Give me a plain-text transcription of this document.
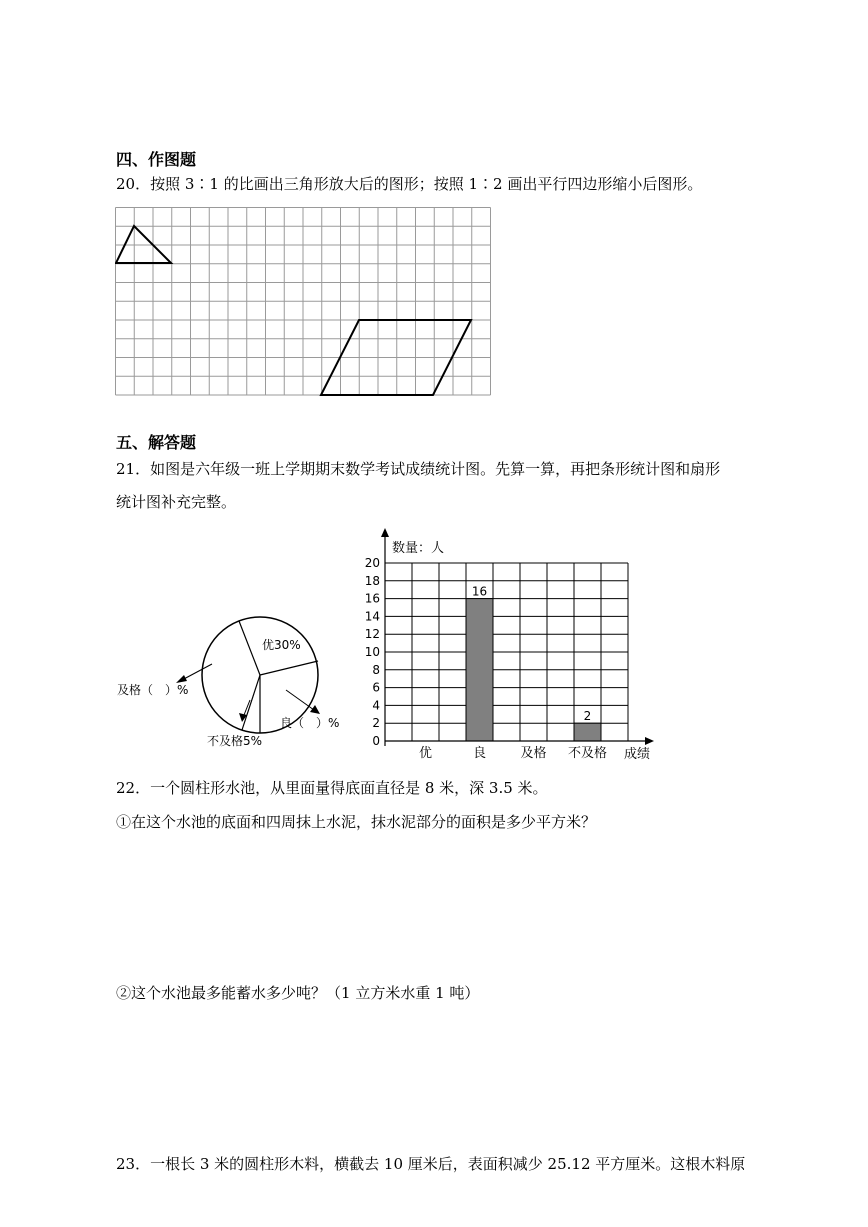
四、作图题
20．按照 3∶1 的比画出三角形放大后的图形；按照 1∶2 画出平行四边形缩小后图形。
五、解答题
21．如图是六年级一班上学期期末数学考试成绩统计图。先算一算，再把条形统计图和扇形
统计图补充完整。
优30%
及格（　）%
良（　）%
不及格5%
数量：人
成绩
16
2
0
2
4
6
8
10
12
14
16
18
20
优	良	及格 不及格
22．一个圆柱形水池，从里面量得底面直径是 8 米，深 3.5 米。
①在这个水池的底面和四周抹上水泥，抹水泥部分的面积是多少平方米？
②这个水池最多能蓄水多少吨？（1 立方米水重 1 吨）
23．一根长 3 米的圆柱形木料，横截去 10 厘米后，表面积减少 25.12 平方厘米。这根木料原
